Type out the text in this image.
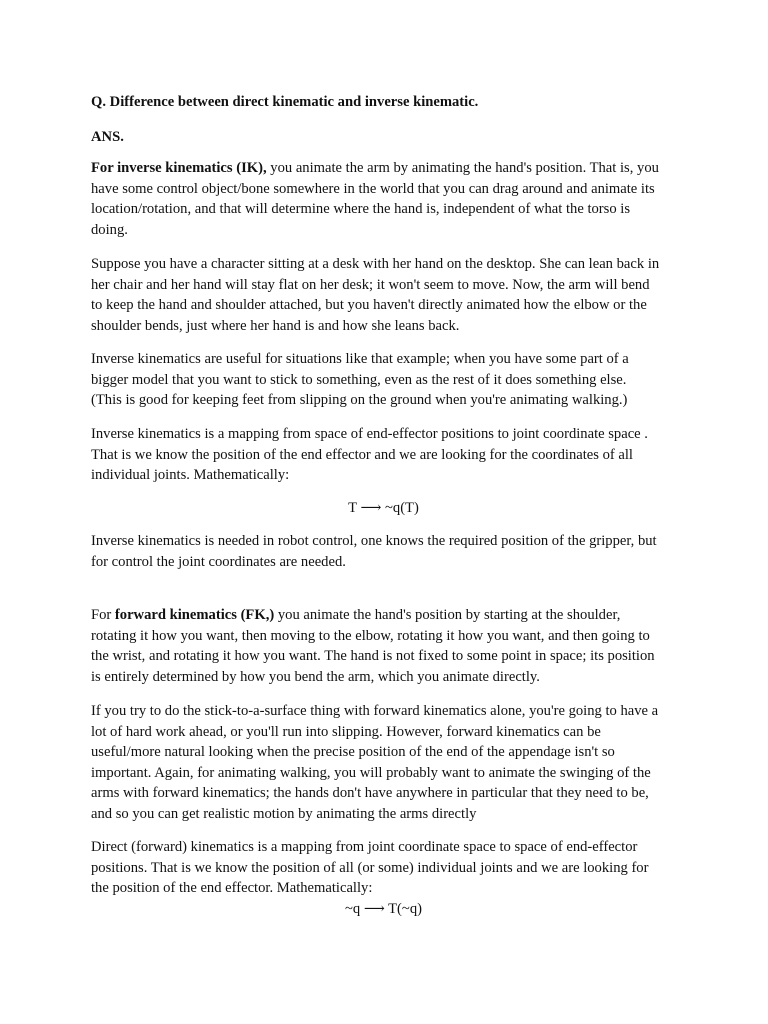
Q. Difference between direct kinematic and inverse kinematic.

ANS.

For inverse kinematics (IK), you animate the arm by animating the hand's position. That is, you
have some control object/bone somewhere in the world that you can drag around and animate its
location/rotation, and that will determine where the hand is, independent of what the torso is
doing.
Suppose you have a character sitting at a desk with her hand on the desktop. She can lean back in
her chair and her hand will stay flat on her desk; it won't seem to move. Now, the arm will bend
to keep the hand and shoulder attached, but you haven't directly animated how the elbow or the
shoulder bends, just where her hand is and how she leans back.
Inverse kinematics are useful for situations like that example; when you have some part of a
bigger model that you want to stick to something, even as the rest of it does something else.
(This is good for keeping feet from slipping on the ground when you're animating walking.)
Inverse kinematics is a mapping from space of end-effector positions to joint coordinate space .
That is we know the position of the end effector and we are looking for the coordinates of all
individual joints. Mathematically:
T ⟶ ~q(T)
Inverse kinematics is needed in robot control, one knows the required position of the gripper, but
for control the joint coordinates are needed.
For forward kinematics (FK,) you animate the hand's position by starting at the shoulder,
rotating it how you want, then moving to the elbow, rotating it how you want, and then going to
the wrist, and rotating it how you want. The hand is not fixed to some point in space; its position
is entirely determined by how you bend the arm, which you animate directly.
If you try to do the stick-to-a-surface thing with forward kinematics alone, you're going to have a
lot of hard work ahead, or you'll run into slipping. However, forward kinematics can be
useful/more natural looking when the precise position of the end of the appendage isn't so
important. Again, for animating walking, you will probably want to animate the swinging of the
arms with forward kinematics; the hands don't have anywhere in particular that they need to be,
and so you can get realistic motion by animating the arms directly
Direct (forward) kinematics is a mapping from joint coordinate space to space of end-effector
positions. That is we know the position of all (or some) individual joints and we are looking for
the position of the end effector. Mathematically:
~q ⟶ T(~q)
